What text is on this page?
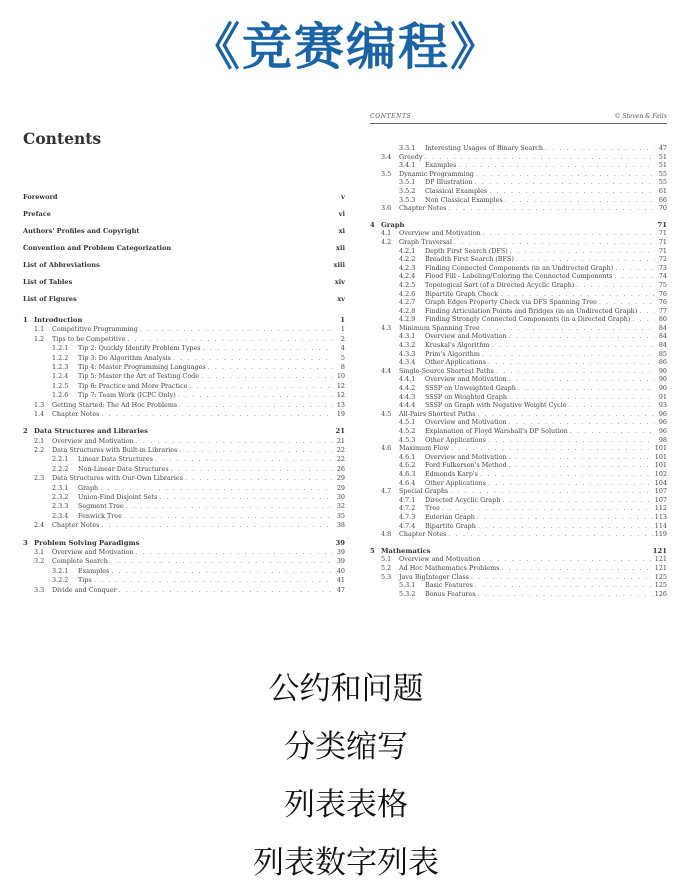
《竞赛编程》
Contents
Foreword	v
Preface	vi
Authors' Profiles and Copyright	xi
Convention and Problem Categorization	xii
List of Abbreviations	xiii
List of Tables	xiv
List of Figures	xv
1 Introduction	1
1.1	Competitive Programming . . .	1
1.2	Tips to be Competitive . . .	2
1.2.1	Tip 2: Quickly Identify Problem Types . . .	4
1.2.2	Tip 3: Do Algorithm Analysis . . .	5
1.2.3	Tip 4: Master Programming Languages . . .	8
1.2.4	Tip 5: Master the Art of Testing Code . . .	10
1.2.5	Tip 6: Practice and More Practice . . .	12
1.2.6	Tip 7: Team Work (ICPC Only) . . .	12
1.3	Getting Started: The Ad Hoc Problems . . .	13
1.4	Chapter Notes . . .	19
2 Data Structures and Libraries	21
2.1	Overview and Motivation . . .	21
2.2	Data Structures with Built-in Libraries . . .	22
2.2.1	Linear Data Structures . . .	22
2.2.2	Non-Linear Data Structures . . .	26
2.3	Data Structures with Our-Own Libraries . . .	29
2.3.1	Graph . . .	29
2.3.2	Union-Find Disjoint Sets . . .	30
2.3.3	Segment Tree . . .	32
2.3.4	Fenwick Tree . . .	35
2.4	Chapter Notes . . .	38
3 Problem Solving Paradigms	39
3.1	Overview and Motivation . . .	39
3.2	Complete Search . . .	39
3.2.1	Examples . . .	40
3.2.2	Tips . . .	41
3.3	Divide and Conquer . . .	47
CONTENTS	© Steven & Felix
3.3.1	Interesting Usages of Binary Search . . .	47
3.4	Greedy . . .	51
3.4.1	Examples . . .	51
3.5	Dynamic Programming . . .	55
3.5.1	DP Illustration . . .	55
3.5.2	Classical Examples . . .	61
3.5.3	Non Classical Examples . . .	66
3.6	Chapter Notes . . .	70
4 Graph	71
4.1	Overview and Motivation . . .	71
4.2	Graph Traversal . . .	71
4.2.1	Depth First Search (DFS) . . .	71
4.2.2	Breadth First Search (BFS) . . .	72
4.2.3	Finding Connected Components (in an Undirected Graph) . . .	73
4.2.4	Flood Fill - Labeling/Coloring the Connected Components . . .	74
4.2.5	Topological Sort (of a Directed Acyclic Graph) . . .	75
4.2.6	Bipartite Graph Check . . .	76
4.2.7	Graph Edges Property Check via DFS Spanning Tree . . .	76
4.2.8	Finding Articulation Points and Bridges (in an Undirected Graph) . . .	77
4.2.9	Finding Strongly Connected Components (in a Directed Graph) . . .	80
4.3	Minimum Spanning Tree . . .	84
4.3.1	Overview and Motivation . . .	84
4.3.2	Kruskal's Algorithm . . .	84
4.3.3	Prim's Algorithm . . .	85
4.3.4	Other Applications . . .	86
4.4	Single-Source Shortest Paths . . .	90
4.4.1	Overview and Motivation . . .	90
4.4.2	SSSP on Unweighted Graph . . .	90
4.4.3	SSSP on Weighted Graph . . .	91
4.4.4	SSSP on Graph with Negative Weight Cycle . . .	93
4.5	All-Pairs Shortest Paths . . .	96
4.5.1	Overview and Motivation . . .	96
4.5.2	Explanation of Floyd Warshall's DP Solution . . .	96
4.5.3	Other Applications . . .	98
4.6	Maximum Flow . . .	101
4.6.1	Overview and Motivation . . .	101
4.6.2	Ford Fulkerson's Method . . .	101
4.6.3	Edmonds Karp's . . .	102
4.6.4	Other Applications . . .	104
4.7	Special Graphs . . .	107
4.7.1	Directed Acyclic Graph . . .	107
4.7.2	Tree . . .	112
4.7.3	Eulerian Graph . . .	113
4.7.4	Bipartite Graph . . .	114
4.8	Chapter Notes . . .	119
5 Mathematics	121
5.1	Overview and Motivation . . .	121
5.2	Ad Hoc Mathematics Problems . . .	121
5.3	Java BigInteger Class . . .	125
5.3.1	Basic Features . . .	125
5.3.2	Bonus Features . . .	126
公约和问题
分类缩写
列表表格
列表数字列表
